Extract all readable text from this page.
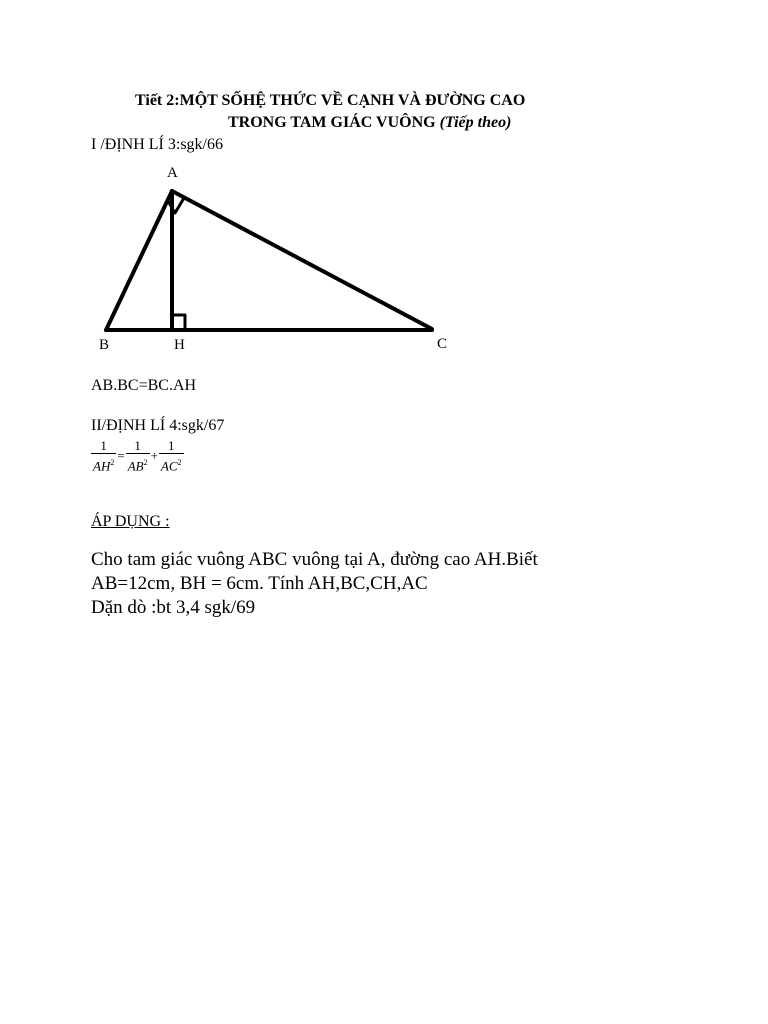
Tiết 2:MỘT SỐHỆ THỨC VỀ CẠNH VÀ ĐƯỜNG CAO
TRONG TAM GIÁC VUÔNG (Tiếp theo)
I /ĐỊNH LÍ 3:sgk/66
A
B	H	C
AB.BC=BC.AH
II/ĐỊNH LÍ 4:sgk/67
$\frac{1}{AH^2} = \frac{1}{AB^2} + \frac{1}{AC^2}$
ÁP DỤNG :
Cho tam giác vuông ABC vuông tại A, đường cao AH.Biết
AB=12cm, BH = 6cm. Tính AH,BC,CH,AC
Dặn dò :bt 3,4 sgk/69
